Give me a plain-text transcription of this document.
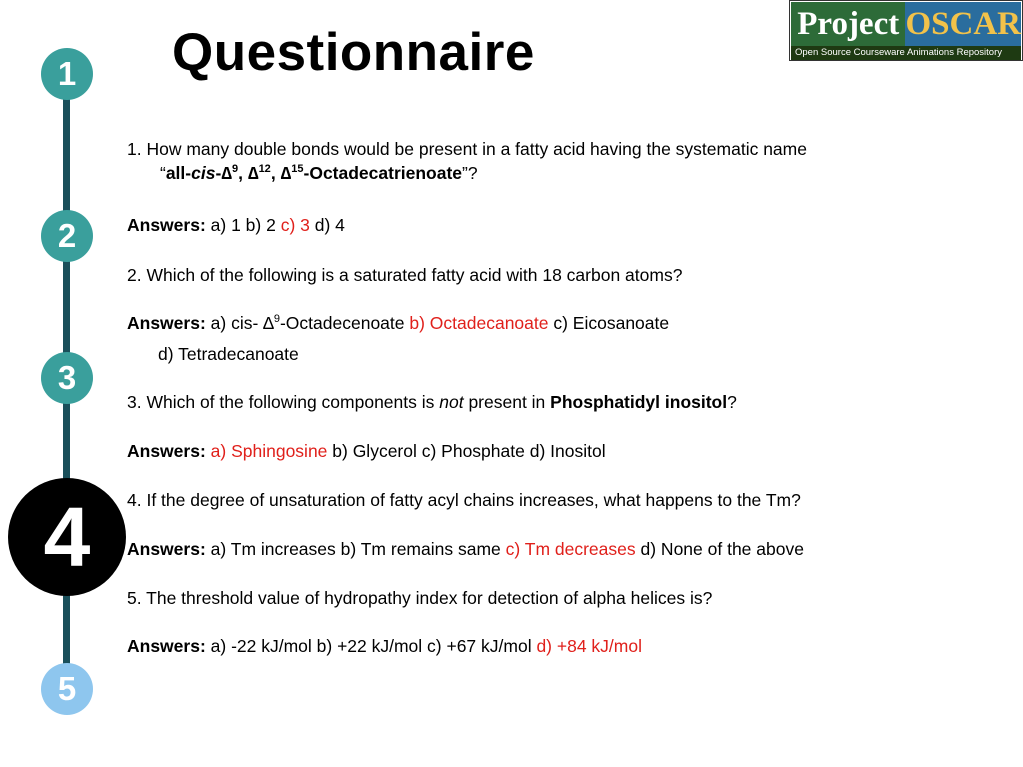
Questionnaire	Project OSCAR
Open Source Courseware Animations Repository
1
2
3
4
5
1. How many double bonds would be present in a fatty acid having the systematic name
“all-cis-∆$^9$, ∆$^{12}$, ∆$^{15}$-Octadecatrienoate”?
Answers: a) 1 b) 2 c) 3 d) 4
2. Which of the following is a saturated fatty acid with 18 carbon atoms?
Answers: a) cis- ∆$^9$-Octadecenoate b) Octadecanoate c) Eicosanoate
d) Tetradecanoate
3. Which of the following components is not present in Phosphatidyl inositol?
Answers: a) Sphingosine b) Glycerol c) Phosphate d) Inositol
4. If the degree of unsaturation of fatty acyl chains increases, what happens to the Tm?
Answers: a) Tm increases b) Tm remains same c) Tm decreases d) None of the above
5. The threshold value of hydropathy index for detection of alpha helices is?
Answers: a) -22 kJ/mol b) +22 kJ/mol c) +67 kJ/mol d) +84 kJ/mol
